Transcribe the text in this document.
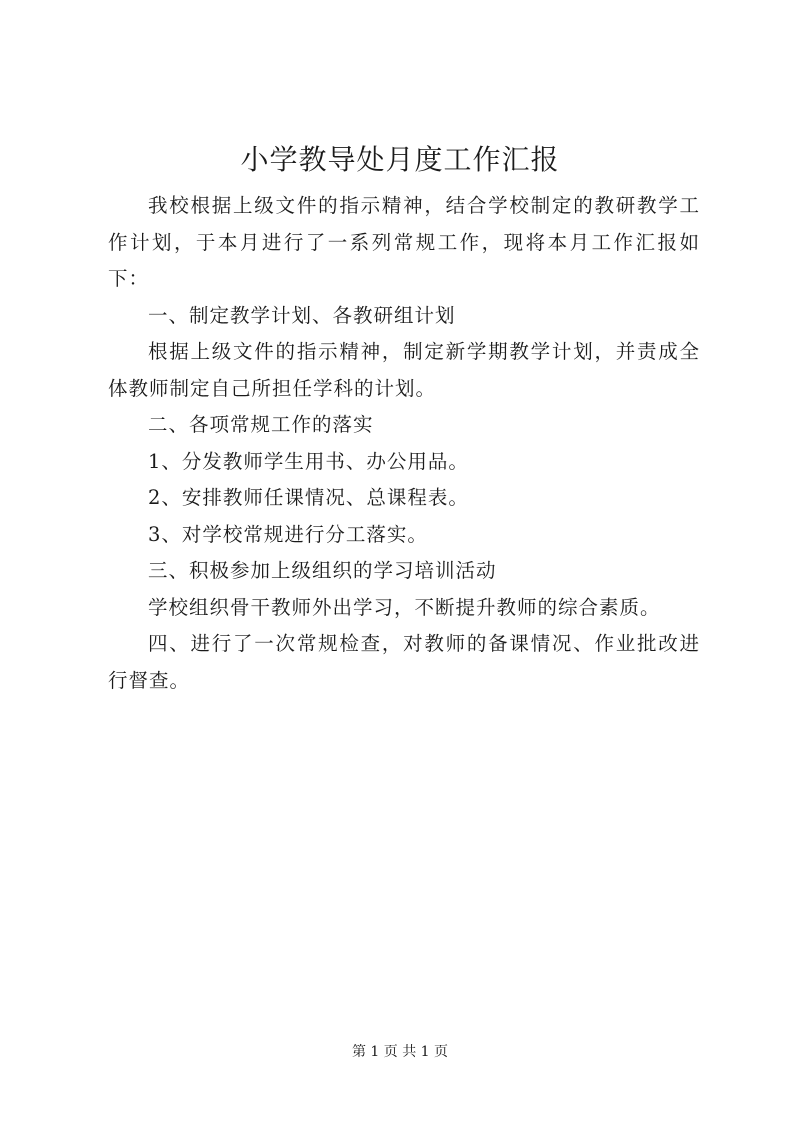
小学教导处月度工作汇报

我校根据上级文件的指示精神，结合学校制定的教研教学工作计划，于本月进行了一系列常规工作，现将本月工作汇报如下：

一、制定教学计划、各教研组计划

根据上级文件的指示精神，制定新学期教学计划，并责成全体教师制定自己所担任学科的计划。

二、各项常规工作的落实

1、分发教师学生用书、办公用品。

2、安排教师任课情况、总课程表。

3、对学校常规进行分工落实。

三、积极参加上级组织的学习培训活动

学校组织骨干教师外出学习，不断提升教师的综合素质。

四、进行了一次常规检查，对教师的备课情况、作业批改进行督查。

第 1 页 共 1 页
